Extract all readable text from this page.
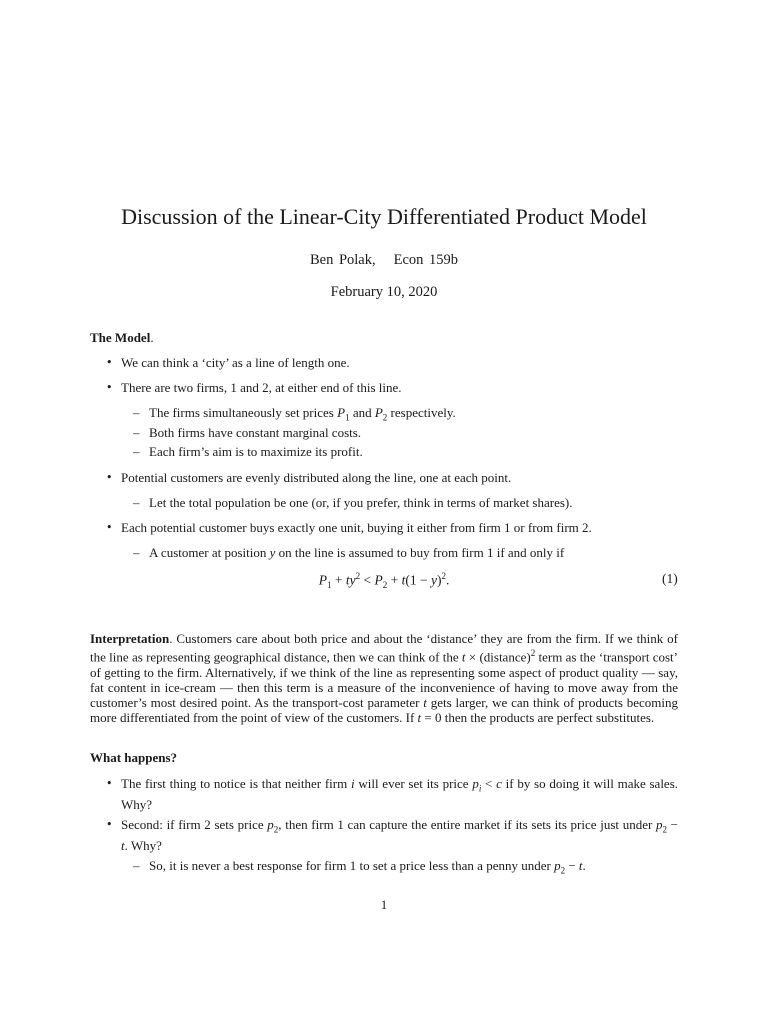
Discussion of the Linear-City Differentiated Product Model
Ben Polak, Econ 159b
February 10, 2020
The Model.
• We can think a ‘city’ as a line of length one.
• There are two firms, 1 and 2, at either end of this line.
– The firms simultaneously set prices $P_1$ and $P_2$ respectively.
– Both firms have constant marginal costs.
– Each firm’s aim is to maximize its profit.
• Potential customers are evenly distributed along the line, one at each point.
– Let the total population be one (or, if you prefer, think in terms of market shares).
• Each potential customer buys exactly one unit, buying it either from firm 1 or from firm 2.
– A customer at position y on the line is assumed to buy from firm 1 if and only if
$P_1 + ty^2 < P_2 + t(1 - y)^2$.	(1)
Interpretation. Customers care about both price and about the ‘distance’ they are from the firm. If we think of the line as representing geographical distance, then we can think of the t × (distance)$^2$ term as the ‘transport cost’ of getting to the firm. Alternatively, if we think of the line as representing some aspect of product quality — say, fat content in ice-cream — then this term is a measure of the inconvenience of having to move away from the customer’s most desired point. As the transport-cost parameter t gets larger, we can think of products becoming more differentiated from the point of view of the customers. If t = 0 then the products are perfect substitutes.
What happens?
• The first thing to notice is that neither firm i will ever set its price $p_i < c$ if by so doing it will make sales. Why?
• Second: if firm 2 sets price $p_2$, then firm 1 can capture the entire market if its sets its price just under $p_2 - t$. Why?
– So, it is never a best response for firm 1 to set a price less than a penny under $p_2 - t$.
1
